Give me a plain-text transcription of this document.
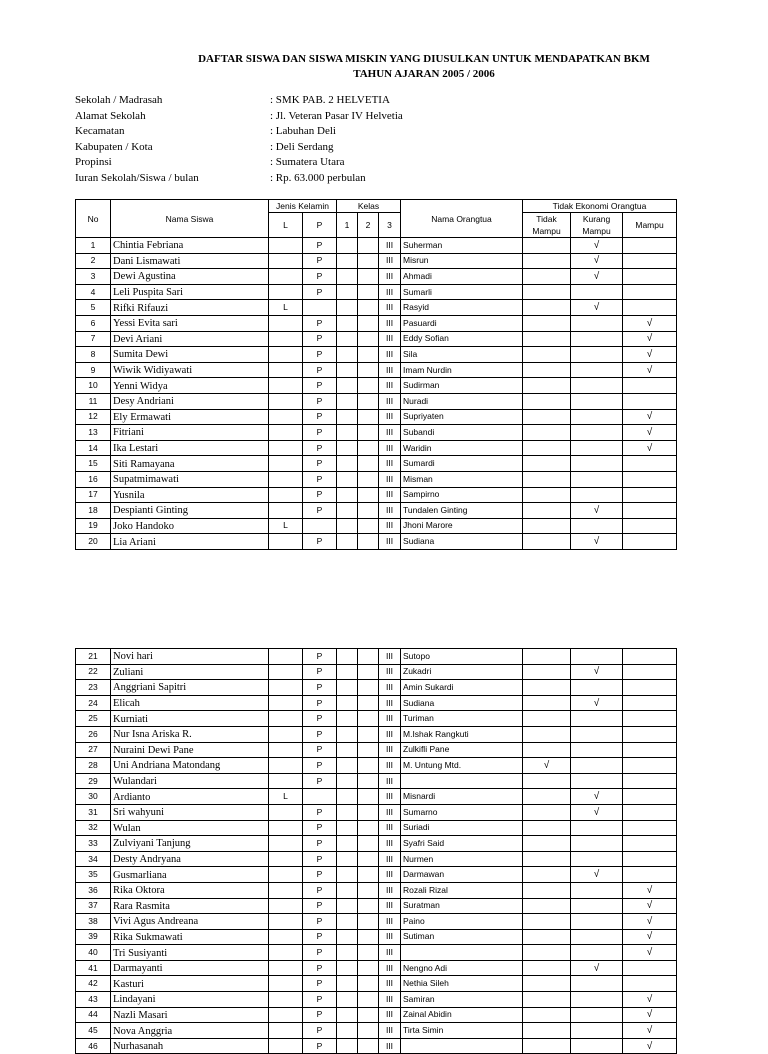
DAFTAR SISWA DAN SISWA MISKIN YANG DIUSULKAN UNTUK MENDAPATKAN BKM
TAHUN AJARAN 2005 / 2006
Sekolah / Madrasah	: SMK PAB. 2 HELVETIA
Alamat Sekolah	: Jl. Veteran Pasar IV Helvetia
Kecamatan	: Labuhan Deli
Kabupaten / Kota	: Deli Serdang
Propinsi	: Sumatera Utara
Iuran Sekolah/Siswa / bulan	: Rp. 63.000 perbulan
No	Nama Siswa	Jenis Kelamin		Kelas			Nama Orangtua	Tidak Ekonomi Orangtua		
		L	P	1	2	3		Tidak Mampu	Kurang Mampu	Mampu
1	Chintia Febriana		P			III	Suherman		√	
2	Dani Lismawati		P			III	Misrun		√	
3	Dewi Agustina		P			III	Ahmadi		√	
4	Leli Puspita Sari		P			III	Sumarli			
5	Rifki Rifauzi	L				III	Rasyid		√	
6	Yessi Evita sari		P			III	Pasuardi			√
7	Devi Ariani		P			III	Eddy Sofian			√
8	Sumita Dewi		P			III	Sila			√
9	Wiwik Widiyawati		P			III	Imam Nurdin			√
10	Yenni Widya		P			III	Sudirman			
11	Desy Andriani		P			III	Nuradi			
12	Ely Ermawati		P			III	Supriyaten			√
13	Fitriani		P			III	Subandi			√
14	Ika Lestari		P			III	Waridin			√
15	Siti Ramayana		P			III	Sumardi			
16	Supatmimawati		P			III	Misman			
17	Yusnila		P			III	Sampirno			
18	Despianti Ginting		P			III	Tundalen Ginting		√	
19	Joko Handoko	L				III	Jhoni Marore			
20	Lia Ariani		P			III	Sudiana		√	
21	Novi hari		P			III	Sutopo			
22	Zuliani		P			III	Zukadri		√	
23	Anggriani Sapitri		P			III	Amin Sukardi			
24	Elicah		P			III	Sudiana		√	
25	Kurniati		P			III	Turiman			
26	Nur Isna Ariska R.		P			III	M.Ishak Rangkuti			
27	Nuraini Dewi Pane		P			III	Zulkifli Pane			
28	Uni Andriana Matondang		P			III	M. Untung Mtd.	√		
29	Wulandari		P			III				
30	Ardianto	L				III	Misnardi		√	
31	Sri wahyuni		P			III	Sumarno		√	
32	Wulan		P			III	Suriadi			
33	Zulviyani Tanjung		P			III	Syafri Said			
34	Desty Andryana		P			III	Nurmen			
35	Gusmarliana		P			III	Darmawan		√	
36	Rika Oktora		P			III	Rozali Rizal			√
37	Rara Rasmita		P			III	Suratman			√
38	Vivi Agus Andreana		P			III	Paino			√
39	Rika Sukmawati		P			III	Sutiman			√
40	Tri Susiyanti		P			III				√
41	Darmayanti		P			III	Nengno Adi		√	
42	Kasturi		P			III	Nethia Sileh			
43	Lindayani		P			III	Samiran			√
44	Nazli Masari		P			III	Zainal Abidin			√
45	Nova Anggria		P			III	Tirta Simin			√
46	Nurhasanah		P			III				√
